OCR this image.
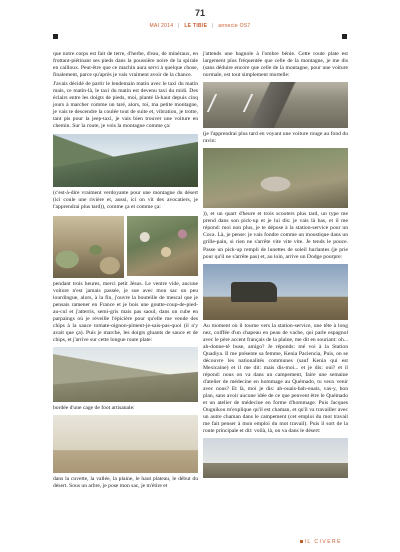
71
MAI 2014 | LE TIBIE | annecie OS7

que notre corps est fait de terre, d'herbe, d'eau, de minéraux, en frottant-piétinant ses pieds dans la poussière noire de la spirale en cailloux. Peut-être que ce machin aura servi à quelque chose, finalement, parce qu'après je vais vraiment avoir de la chance.

J'avais décidé de partir le lendemain matin avec le taxi du matin mais, ce matin-là, le taxi du matin est devenu taxi du midi. Des éclairs entre les doigts de pieds, moi, planté là-haut depuis cinq jours à marcher comme un taré, alors, toi, ma petite montagne, je vais te descendre la coulée tout de suite et, vibration, je trotte, tant pis pour la jeep-taxi, je vais bien trouver une voiture en chemin. Sur la route, je vois la montagne comme ça:

(c'est-à-dire vraiment verdoyante pour une montagne du désert (ici coule une rivière et, aussi, ici on vit des avocatiers, je l'apprendrai plus tard)), comme ça et comme ça:

pendant trois heures, merci petit Jésus. Le ventre vide, aucune voiture n'est jamais passée, je sue avec mon sac un peu lourdingue, alors, à la fin, j'ouvre la bouteille de mescal que je pensais ramener en France et je bois une goutte-coup-de-pied-au-cul et j'atterris, semi-gris mais pas saoul, dans un cube en parpaings où je réveille l'épicière pour qu'elle me vende des chips à la sauce tomate-oignon-piment-je-sais-pas-quoi (il n'y avait que ça). Puis je marche, les doigts gluants de sauce et de chips, et j'arrive sur cette longue route plate:

bordée d'une cage de foot artisanale:

dans la cuvette, la vallée, la plaine, le haut plateau, le début du désert. Sous un arbre, je pose mon sac, je m'étire et

j'attends une bagnole à l'ombre bénie. Cette route plate est largement plus fréquentée que celle de la montagne, je me dis (sans déduire encore que celle de la montagne, pour une voiture normale, est tout simplement mortelle:

(je l'apprendrai plus tard en voyant une voiture rouge au fond du ravin:

)), et un quart d'heure et trois scooters plus tard, un type me prend dans son pick-up et je lui dis: je vais là bas, et il me répond: moi non plus, je te dépose à la station-service pour un Coca. Là, je pense: je vais fondre comme un moustique dans un grille-pain, si rien ne s'arrête vite vite vite. Je tends le pouce. Passe un pick-up rempli de lunettes de soleil hurlantes (je prie pour qu'il ne s'arrête pas) et, au loin, arrive un Dodge pourpre:

Au moment où il tourne vers la station-service, une tête à long nez, coiffée d'un chapeau en peau de vache, qui parle espagnol avec le père accent français de la plaine, me dit en souriant: oh... ah-donne-tê buse, amigo? Je réponds: mé voi à la Station Quadiya. Il me présente sa femme, Kenia Paciencia, Puis, on se découvre les nationalités communes (sauf Kenia qui est Mexicaine) et il me dit: mais dis-moi... et je dis: oui? et il répond: nous on va dans un campement, faire une semaine d'atelier de médecine en hommage au Quémado, tu veux venir avec nous? Et là, moi je dis: ah-ouais-bah-ouais, vas-y, bon plan, sans avoir aucune idée de ce que peuvent être le Quémado et un atelier de médecine en forme d'hommage. Puis Jacques Ouguikou m'explique qu'il est chaman, et qu'il va travailler avec un autre chaman dans le campement (cet emploi du mot travail me fait penser à mon emploi du mot travail). Puis il sort de la route principale et dit: voilà, là, on va dans le désert:

IL CIVERE
